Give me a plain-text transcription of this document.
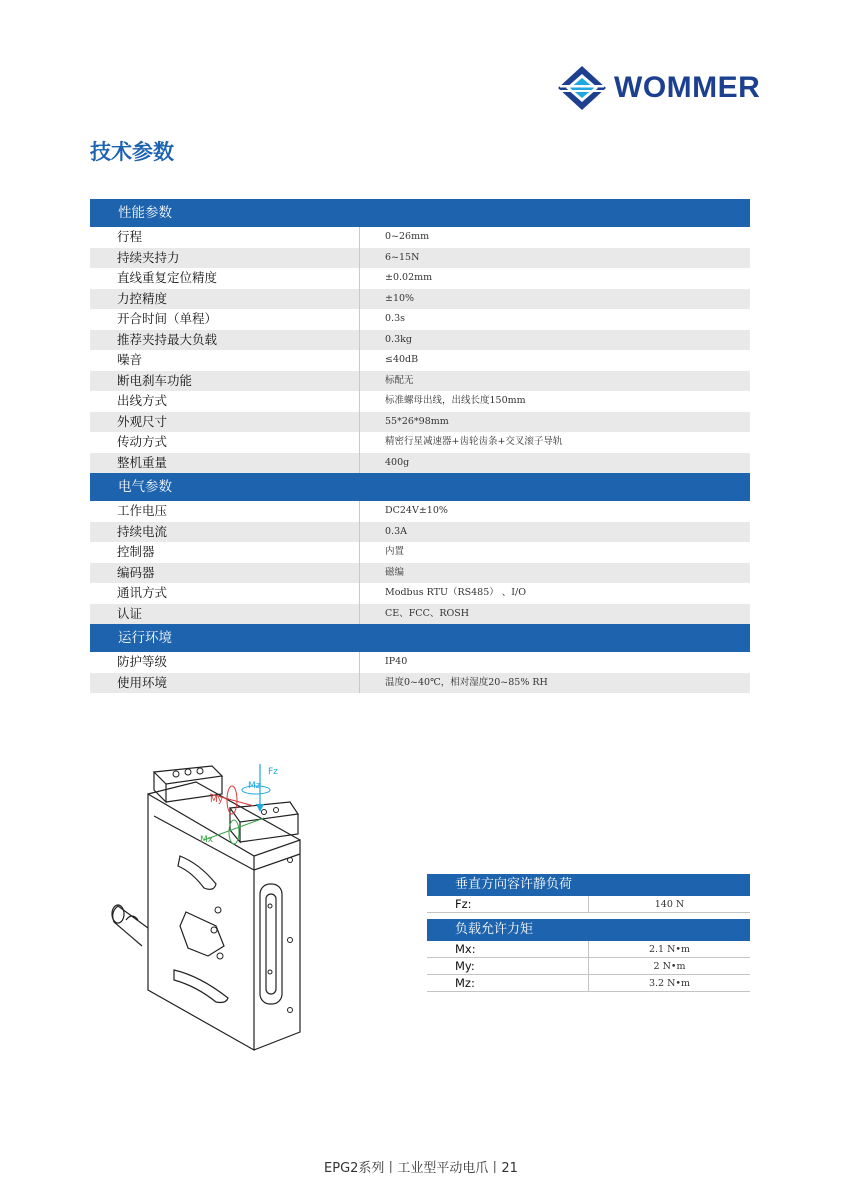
WOMMER
技术参数
性能参数
行程	0~26mm
持续夹持力	6~15N
直线重复定位精度	±0.02mm
力控精度	±10%
开合时间（单程）	0.3s
推荐夹持最大负载	0.3kg
噪音	≤40dB
断电刹车功能	标配无
出线方式	标准螺母出线，出线长度150mm
外观尺寸	55*26*98mm
传动方式	精密行星减速器+齿轮齿条+交叉滚子导轨
整机重量	400g
电气参数
工作电压	DC24V±10%
持续电流	0.3A
控制器	内置
编码器	磁编
通讯方式	Modbus RTU（RS485） 、I/O
认证	CE、FCC、ROSH
运行环境
防护等级	IP40
使用环境	温度0~40℃，相对湿度20~85% RH
Fz
Mz
My
Mx
垂直方向容许静负荷
Fz:	140 N
负载允许力矩
Mx:	2.1 N•m
My:	2 N•m
Mz:	3.2 N•m
EPG2系列丨工业型平动电爪丨21
